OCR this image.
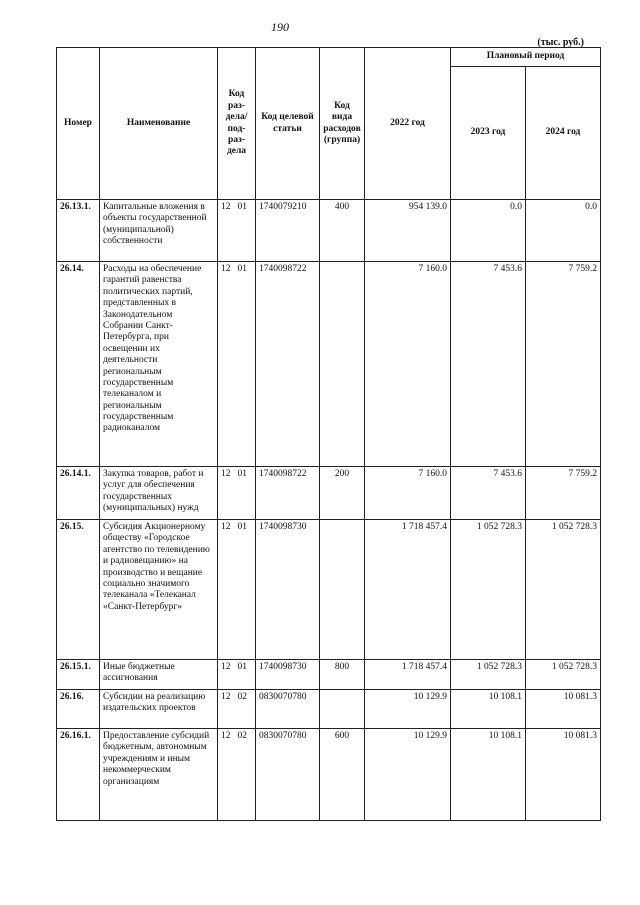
190
(тыс. руб.)
Номер	Наименование	Код раз-дела/ под-раз-дела	Код целевой статьи	Код вида расходов (группа)	2022 год	Плановый период	
						2023 год	2024 год
26.13.1.	Капитальные вложения в объекты государственной (муниципальной) собственности	12 01	1740079210	400	954 139.0	0.0	0.0
26.14.	Расходы на обеспечение гарантий равенства политических партий, представленных в Законодательном Собрании Санкт-Петербурга, при освещении их деятельности региональным государственным телеканалом и региональным государственным радиоканалом	12 01	1740098722		7 160.0	7 453.6	7 759.2
26.14.1.	Закупка товаров, работ и услуг для обеспечения государственных (муниципальных) нужд	12 01	1740098722	200	7 160.0	7 453.6	7 759.2
26.15.	Субсидия Акционерному обществу «Городское агентство по телевидению и радиовещанию» на производство и вещание социально значимого телеканала «Телеканал «Санкт-Петербург»	12 01	1740098730		1 718 457.4	1 052 728.3	1 052 728.3
26.15.1.	Иные бюджетные ассигнования	12 01	1740098730	800	1 718 457.4	1 052 728.3	1 052 728.3
26.16.	Субсидии на реализацию издательских проектов	12 02	0830070780		10 129.9	10 108.1	10 081.3
26.16.1.	Предоставление субсидий бюджетным, автономным учреждениям и иным некоммерческим организациям	12 02	0830070780	600	10 129.9	10 108.1	10 081.3
